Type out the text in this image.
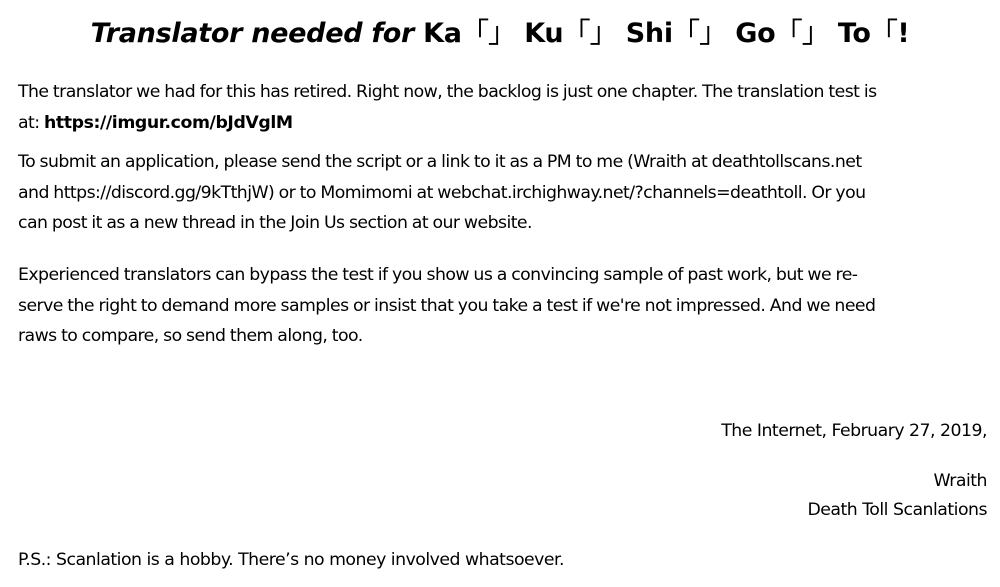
Translator needed for Ka「」 Ku「」 Shi「」 Go「」 To「!
The translator we had for this has retired. Right now, the backlog is just one chapter. The translation test is
at: https://imgur.com/bJdVglM
To submit an application, please send the script or a link to it as a PM to me (Wraith at deathtollscans.net
and https://discord.gg/9kTthjW) or to Momimomi at webchat.irchighway.net/?channels=deathtoll. Or you
can post it as a new thread in the Join Us section at our website.
Experienced translators can bypass the test if you show us a convincing sample of past work, but we re-
serve the right to demand more samples or insist that you take a test if we're not impressed. And we need
raws to compare, so send them along, too.
The Internet, February 27, 2019,
Wraith
Death Toll Scanlations
P.S.: Scanlation is a hobby. There’s no money involved whatsoever.
